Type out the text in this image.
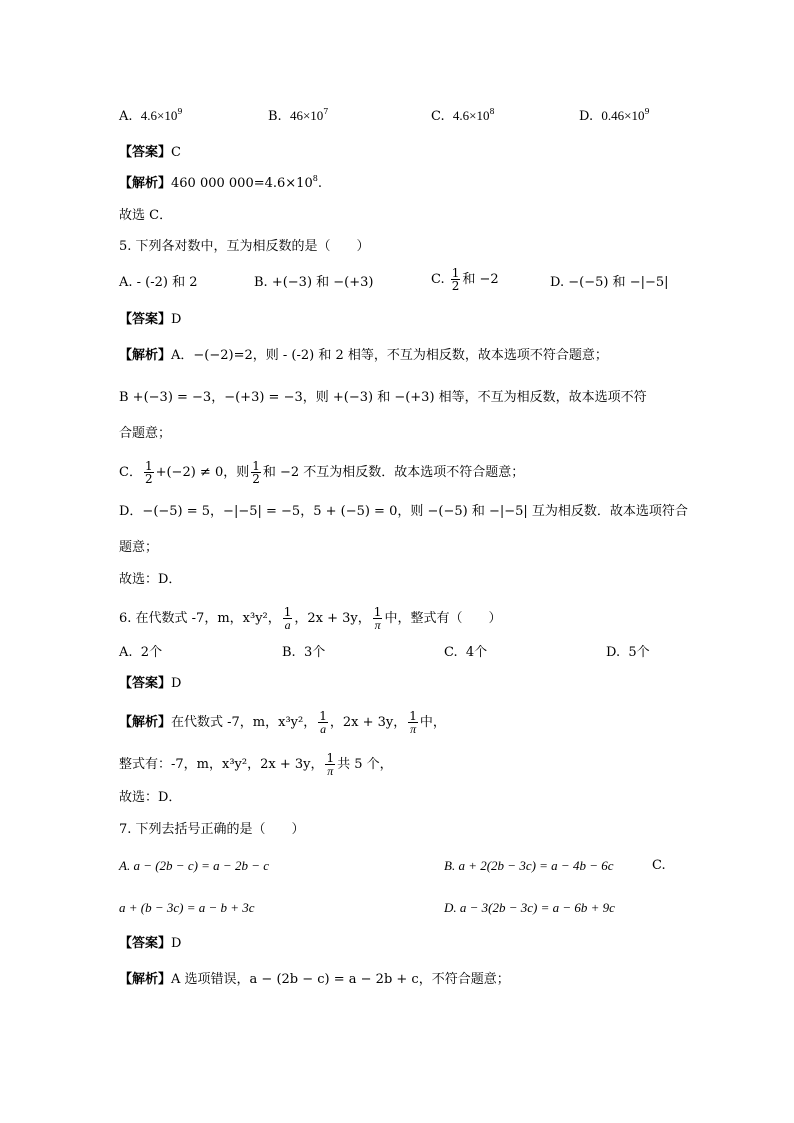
A. $4.6\times 10^9$	B. $46\times 10^7$	C. $4.6\times 10^8$	D. $0.46\times 10^9$
【答案】C
【解析】460 000 $000=4.6\times 10^8$.
故选 C．
5. 下列各对数中，互为相反数的是（　　）
A. - (-2) 和 2	B. +(−3) 和 −(+3)	C. $\frac{1}{2}$ 和 −2	D. −(−5) 和 −|−5|
【答案】D
【解析】A．−(−2)=2，则 - (-2) 和 2 相等，不互为相反数，故本选项不符合题意；
B +(−3) = −3，−(+3) = −3，则 +(−3) 和 −(+3) 相等，不互为相反数，故本选项不符
合题意；
C． $\frac{1}{2} +(-2) \ne 0$，则 $\frac{1}{2}$ 和 −2 不互为相反数．故本选项不符合题意；
D．−(−5) = 5，−|−5| = −5，5 + (−5) = 0，则 −(−5) 和 −|−5| 互为相反数．故本选项符合
题意；
故选：D．
6. 在代数式 -7，m，x³y²， $\frac{1}{a}$ ，2x + 3y， $\frac{1}{\pi}$ 中，整式有（　　）
A. 2个	B. 3个	C. 4个	D. 5个
【答案】D
【解析】在代数式 -7，m，x³y²， $\frac{1}{a}$ ，2x + 3y， $\frac{1}{\pi}$ 中，
整式有：-7，m，x³y²，2x + 3y， $\frac{1}{\pi}$ 共 5 个，
故选：D．
7. 下列去括号正确的是（　　）
A. a − (2b − c) = a − 2b − c	B. a + 2(2b − 3c) = a − 4b − 6c	C.
a + (b − 3c) = a − b + 3c	D. a − 3(2b − 3c) = a − 6b + 9c
【答案】D
【解析】A 选项错误，a − (2b − c) = a − 2b + c，不符合题意；
